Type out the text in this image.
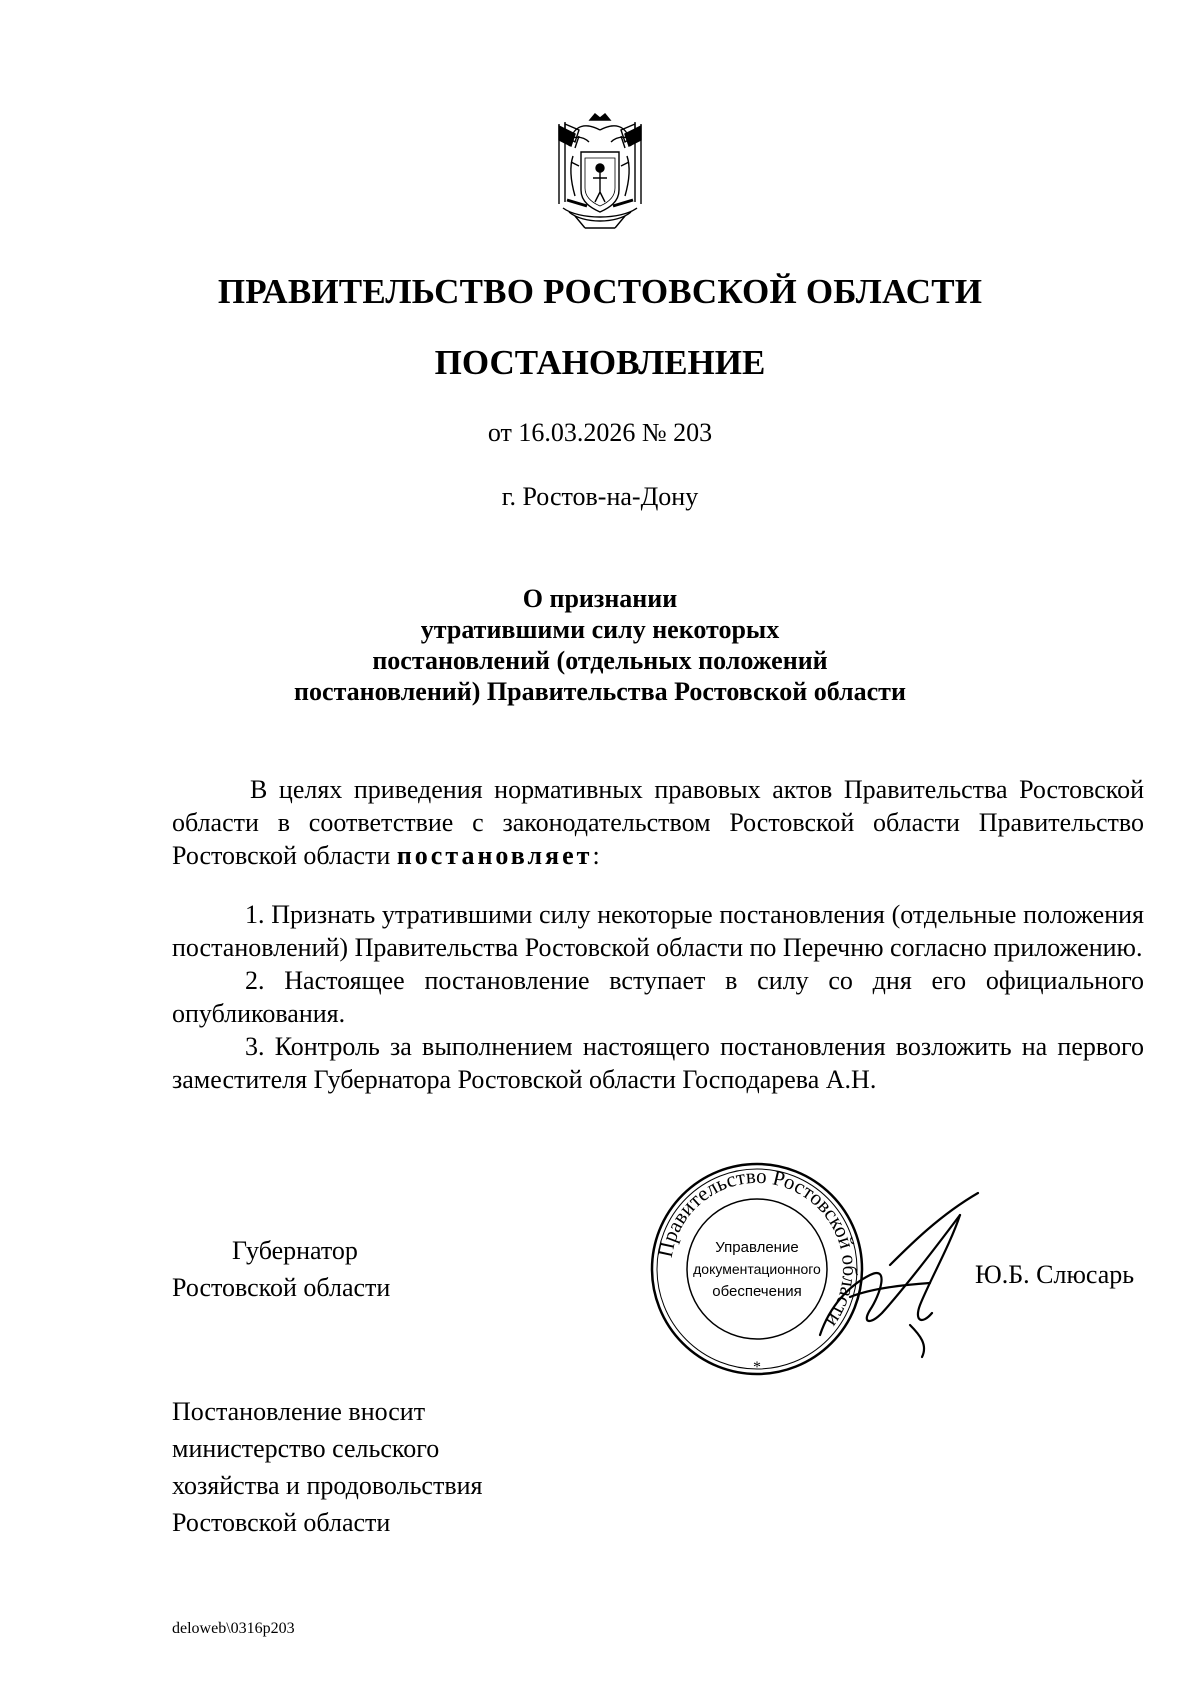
ПРАВИТЕЛЬСТВО РОСТОВСКОЙ ОБЛАСТИ
ПОСТАНОВЛЕНИЕ
от 16.03.2026 № 203
г. Ростов-на-Дону
О признании
утратившими силу некоторых
постановлений (отдельных положений
постановлений) Правительства Ростовской области

В целях приведения нормативных правовых актов Правительства Ростовской области в соответствие с законодательством Ростовской области Правительство Ростовской области постановляет:

1. Признать утратившими силу некоторые постановления (отдельные положения постановлений) Правительства Ростовской области по Перечню согласно приложению.

2. Настоящее постановление вступает в силу со дня его официального опубликования.

3. Контроль за выполнением настоящего постановления возложить на первого заместителя Губернатора Ростовской области Господарева А.Н.

Губернатор
Ростовской области
Правительство Ростовской области
Управление
документационного
обеспечения
*
Ю.Б. Слюсарь
Постановление вносит
министерство сельского
хозяйства и продовольствия
Ростовской области
deloweb\0316p203
